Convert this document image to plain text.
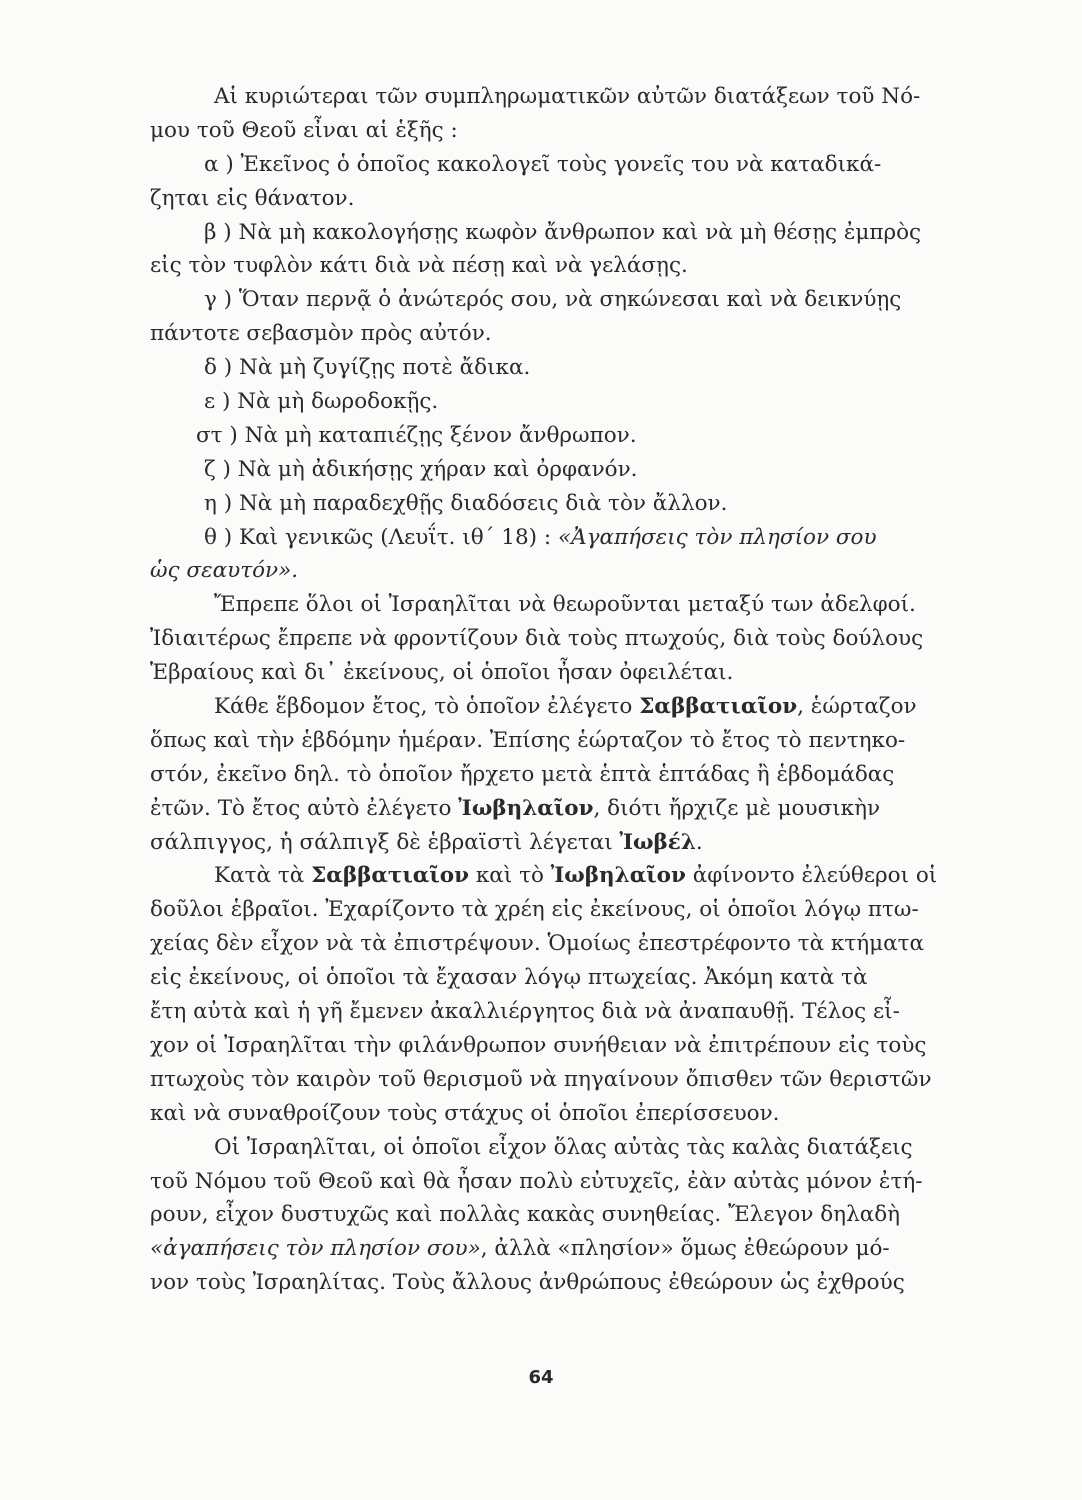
Αἱ κυριώτεραι τῶν συμπληρωματικῶν αὐτῶν διατάξεων τοῦ Νό-
μου τοῦ Θεοῦ εἶναι αἱ ἑξῆς :
α ) Ἐκεῖνος ὁ ὁποῖος κακολογεῖ τοὺς γονεῖς του νὰ καταδικά-
ζηται εἰς θάνατον.
β ) Νὰ μὴ κακολογήσῃς κωφὸν ἄνθρωπον καὶ νὰ μὴ θέσῃς ἐμπρὸς
εἰς τὸν τυφλὸν κάτι διὰ νὰ πέσῃ καὶ νὰ γελάσῃς.
γ ) Ὅταν περνᾷ ὁ ἀνώτερός σου, νὰ σηκώνεσαι καὶ νὰ δεικνύῃς
πάντοτε σεβασμὸν πρὸς αὐτόν.
δ ) Νὰ μὴ ζυγίζῃς ποτὲ ἄδικα.
ε ) Νὰ μὴ δωροδοκῇς.
στ ) Νὰ μὴ καταπιέζῃς ξένον ἄνθρωπον.
ζ ) Νὰ μὴ ἀδικήσῃς χήραν καὶ ὀρφανόν.
η ) Νὰ μὴ παραδεχθῇς διαδόσεις διὰ τὸν ἄλλον.
θ ) Καὶ γενικῶς (Λευΐτ. ιθ΄ 18) : «Ἀγαπήσεις τὸν πλησίον σου
ὡς σεαυτόν».
Ἔπρεπε ὅλοι οἱ Ἰσραηλῖται νὰ θεωροῦνται μεταξύ των ἀδελφοί.
Ἰδιαιτέρως ἔπρεπε νὰ φροντίζουν διὰ τοὺς πτωχούς, διὰ τοὺς δούλους
Ἑβραίους καὶ δι᾽ ἐκείνους, οἱ ὁποῖοι ἦσαν ὀφειλέται.
Κάθε ἕβδομον ἔτος, τὸ ὁποῖον ἐλέγετο Σαββατιαῖον, ἑώρταζον
ὅπως καὶ τὴν ἑβδόμην ἡμέραν. Ἐπίσης ἑώρταζον τὸ ἔτος τὸ πεντηκο-
στόν, ἐκεῖνο δηλ. τὸ ὁποῖον ἤρχετο μετὰ ἑπτὰ ἑπτάδας ἢ ἑβδομάδας
ἐτῶν. Τὸ ἔτος αὐτὸ ἐλέγετο Ἰωβηλαῖον, διότι ἤρχιζε μὲ μουσικὴν
σάλπιγγος, ἡ σάλπιγξ δὲ ἑβραϊστὶ λέγεται Ἰωβέλ.
Κατὰ τὰ Σαββατιαῖον καὶ τὸ Ἰωβηλαῖον ἀφίνοντο ἐλεύθεροι οἱ
δοῦλοι ἑβραῖοι. Ἐχαρίζοντο τὰ χρέη εἰς ἐκείνους, οἱ ὁποῖοι λόγῳ πτω-
χείας δὲν εἶχον νὰ τὰ ἐπιστρέψουν. Ὁμοίως ἐπεστρέφοντο τὰ κτήματα
εἰς ἐκείνους, οἱ ὁποῖοι τὰ ἔχασαν λόγῳ πτωχείας. Ἀκόμη κατὰ τὰ
ἔτη αὐτὰ καὶ ἡ γῆ ἔμενεν ἀκαλλιέργητος διὰ νὰ ἀναπαυθῇ. Τέλος εἶ-
χον οἱ Ἰσραηλῖται τὴν φιλάνθρωπον συνήθειαν νὰ ἐπιτρέπουν εἰς τοὺς
πτωχοὺς τὸν καιρὸν τοῦ θερισμοῦ νὰ πηγαίνουν ὄπισθεν τῶν θεριστῶν
καὶ νὰ συναθροίζουν τοὺς στάχυς οἱ ὁποῖοι ἐπερίσσευον.
Οἱ Ἰσραηλῖται, οἱ ὁποῖοι εἶχον ὅλας αὐτὰς τὰς καλὰς διατάξεις
τοῦ Νόμου τοῦ Θεοῦ καὶ θὰ ἦσαν πολὺ εὐτυχεῖς, ἐὰν αὐτὰς μόνον ἐτή-
ρουν, εἶχον δυστυχῶς καὶ πολλὰς κακὰς συνηθείας. Ἔλεγον δηλαδὴ
«ἀγαπήσεις τὸν πλησίον σου», ἀλλὰ «πλησίον» ὅμως ἐθεώρουν μό-
νον τοὺς Ἰσραηλίτας. Τοὺς ἄλλους ἀνθρώπους ἐθεώρουν ὡς ἐχθρούς
64
